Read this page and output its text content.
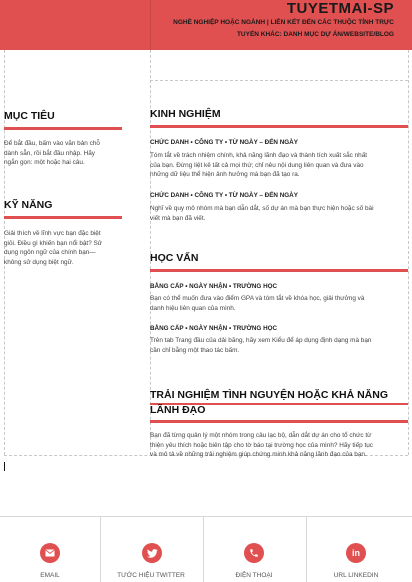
TUYETMAI-SP
NGHỀ NGHIỆP HOẶC NGÀNH | LIÊN KẾT ĐẾN CÁC THUỘC TÍNH TRỰC
TUYẾN KHÁC: DANH MỤC DỰ ÁN/WEBSITE/BLOG
MỤC TIÊU
Để bắt đầu, bấm vào văn bản chỗ
dành sẵn, rồi bắt đầu nhập. Hãy
ngắn gọn: một hoặc hai câu.
KỸ NĂNG
Giải thích về lĩnh vực bạn đặc biệt
giỏi. Điều gì khiến bạn nổi bật? Sử
dụng ngôn ngữ của chính bạn—
không sử dụng biệt ngữ.
KINH NGHIỆM
CHỨC DANH • CÔNG TY • TỪ NGÀY – ĐẾN NGÀY
Tóm tắt về trách nhiệm chính, khả năng lãnh đạo và thành tích xuất sắc nhất
của bạn. Đừng liệt kê tất cả mọi thứ; chỉ nêu nội dung liên quan và đưa vào
những dữ liệu thể hiện ảnh hưởng mà bạn đã tạo ra.
CHỨC DANH • CÔNG TY • TỪ NGÀY – ĐẾN NGÀY
Nghĩ về quy mô nhóm mà bạn dẫn dắt, số dự án mà bạn thực hiện hoặc số bài
viết mà bạn đã viết.
HỌC VẤN
BẰNG CẤP • NGÀY NHẬN • TRƯỜNG HỌC
Bạn có thể muốn đưa vào điểm GPA và tóm tắt về khóa học, giải thưởng và
danh hiệu liên quan của mình.
BẰNG CẤP • NGÀY NHẬN • TRƯỜNG HỌC
Trên tab Trang đầu của dải băng, hãy xem Kiểu để áp dụng định dạng mà bạn
cần chỉ bằng một thao tác bấm.
TRẢI NGHIỆM TÌNH NGUYỆN HOẶC KHẢ NĂNG
LÃNH ĐẠO
Bạn đã từng quản lý một nhóm trong câu lạc bộ, dẫn dắt dự án cho tổ chức từ
thiện yêu thích hoặc biên tập cho tờ báo tại trường học của mình? Hãy tiếp tục
và mô tả về những trải nghiệm giúp chứng minh khả năng lãnh đạo của bạn.
in
EMAIL	TƯỚC HIỆU TWITTER	ĐIỆN THOẠI	URL LINKEDIN
